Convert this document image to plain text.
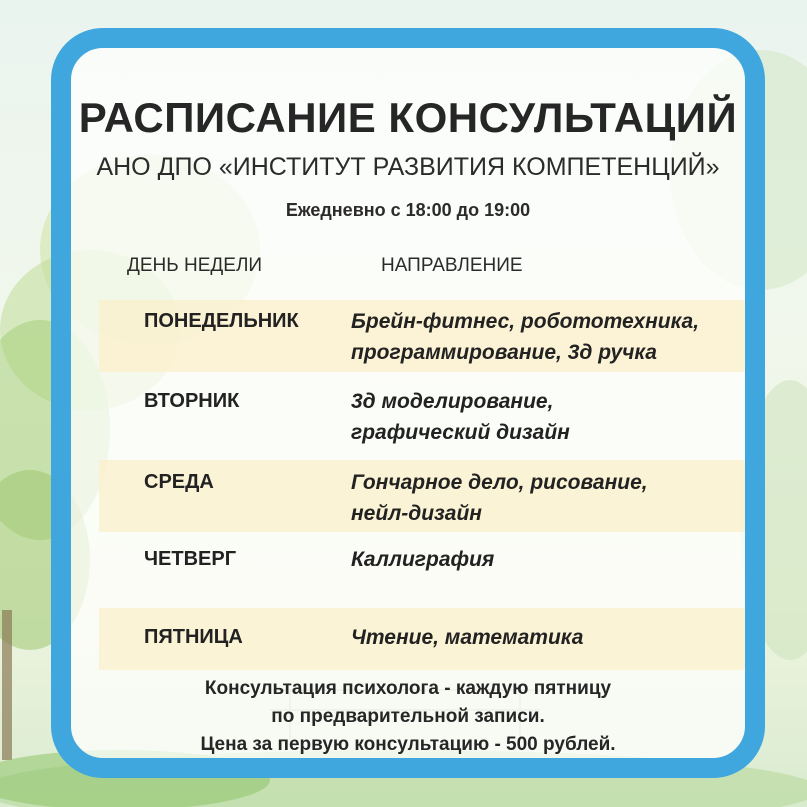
РАСПИСАНИЕ КОНСУЛЬТАЦИЙ
АНО ДПО «ИНСТИТУТ РАЗВИТИЯ КОМПЕТЕНЦИЙ»
Ежедневно с 18:00 до 19:00
ДЕНЬ НЕДЕЛИ	НАПРАВЛЕНИЕ
ПОНЕДЕЛЬНИК Брейн-фитнес, робототехника,
программирование, 3д ручка
ВТОРНИК	3д моделирование,
графический дизайн
СРЕДА	Гончарное дело, рисование,
нейл-дизайн
ЧЕТВЕРГ	Каллиграфия
ПЯТНИЦА	Чтение, математика
Консультация психолога - каждую пятницу
по предварительной записи.
Цена за первую консультацию - 500 рублей.
